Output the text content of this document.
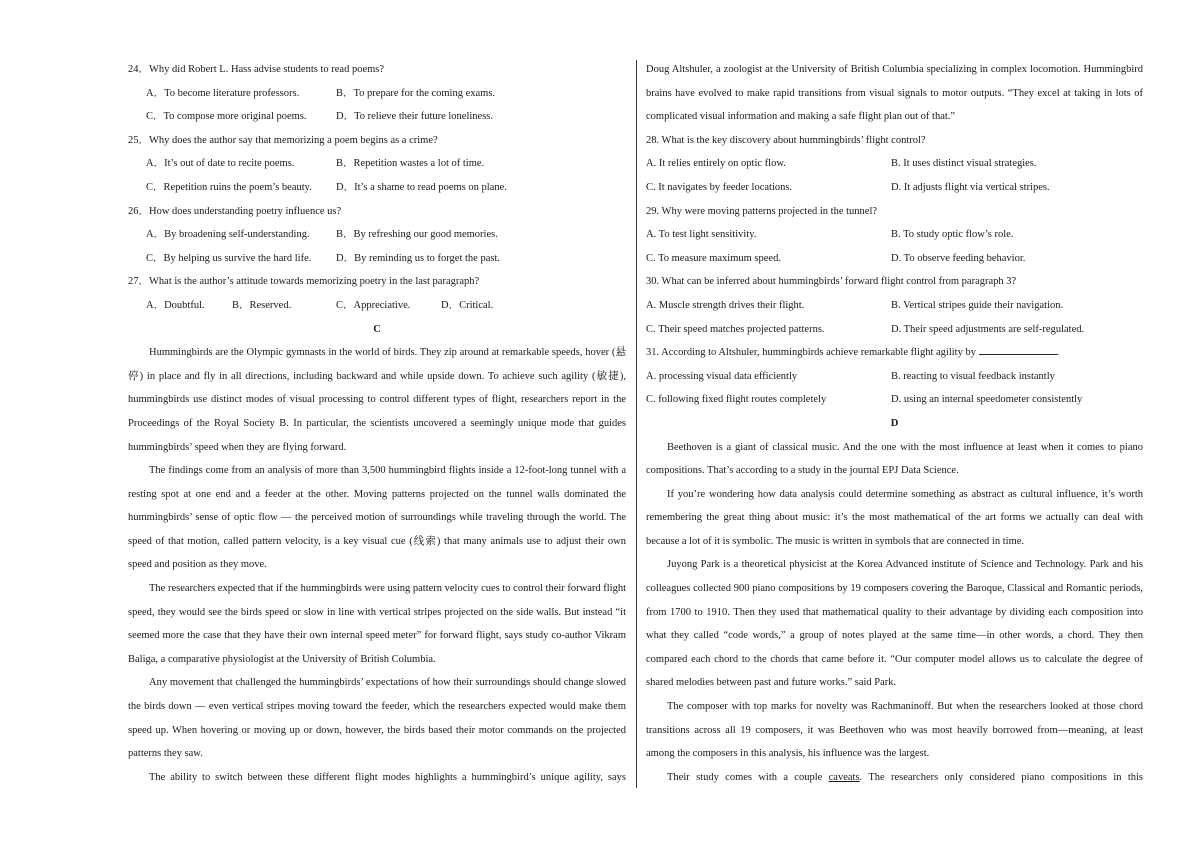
24．Why did Robert L. Hass advise students to read poems?
A．To become literature professors.	B．To prepare for the coming exams.
C．To compose more original poems.	D．To relieve their future loneliness.
25．Why does the author say that memorizing a poem begins as a crime?
A．It’s out of date to recite poems.	B．Repetition wastes a lot of time.
C．Repetition ruins the poem’s beauty. D．It’s a shame to read poems on plane.
26．How does understanding poetry influence us?
A．By broadening self-understanding.	B．By refreshing our good memories.
C．By helping us survive the hard life. D．By reminding us to forget the past.
27．What is the author’s attitude towards memorizing poetry in the last paragraph?
A．Doubtful.	B．Reserved.	C．Appreciative.	D．Critical.
C
Hummingbirds are the Olympic gymnasts in the world of birds. They zip around at remarkable speeds, hover (悬停) in place and fly in all directions, including backward and while upside down. To achieve such agility (敏捷), hummingbirds use distinct modes of visual processing to control different types of flight, researchers report in the Proceedings of the Royal Society B. In particular, the scientists uncovered a seemingly unique mode that guides hummingbirds’ speed when they are flying forward.
The findings come from an analysis of more than 3,500 hummingbird flights inside a 12-foot-long tunnel with a resting spot at one end and a feeder at the other. Moving patterns projected on the tunnel walls dominated the hummingbirds’ sense of optic flow — the perceived motion of surroundings while traveling through the world. The speed of that motion, called pattern velocity, is a key visual cue (线索) that many animals use to adjust their own speed and position as they move.
The researchers expected that if the hummingbirds were using pattern velocity cues to control their forward flight speed, they would see the birds speed or slow in line with vertical stripes projected on the side walls. But instead “it seemed more the case that they have their own internal speed meter” for forward flight, says study co-author Vikram Baliga, a comparative physiologist at the University of British Columbia.
Any movement that challenged the hummingbirds’ expectations of how their surroundings should change slowed the birds down — even vertical stripes moving toward the feeder, which the researchers expected would make them speed up. When hovering or moving up or down, however, the birds based their motor commands on the projected patterns they saw.
The ability to switch between these different flight modes highlights a hummingbird’s unique agility, says
Doug Altshuler, a zoologist at the University of British Columbia specializing in complex locomotion. Hummingbird brains have evolved to make rapid transitions from visual signals to motor outputs. “They excel at taking in lots of complicated visual information and making a safe flight plan out of that.”
28. What is the key discovery about hummingbirds’ flight control?
A. It relies entirely on optic flow.	B. It uses distinct visual strategies.
C. It navigates by feeder locations.	D. It adjusts flight via vertical stripes.
29. Why were moving patterns projected in the tunnel?
A. To test light sensitivity.	B. To study optic flow’s role.
C. To measure maximum speed.	D. To observe feeding behavior.
30. What can be inferred about hummingbirds’ forward flight control from paragraph 3?
A. Muscle strength drives their flight.	B. Vertical stripes guide their navigation.
C. Their speed matches projected patterns.	D. Their speed adjustments are self-regulated.
31. According to Altshuler, hummingbirds achieve remarkable flight agility by	.
A. processing visual data efficiently	B. reacting to visual feedback instantly
C. following fixed flight routes completely	D. using an internal speedometer consistently
D
Beethoven is a giant of classical music. And the one with the most influence at least when it comes to piano compositions. That’s according to a study in the journal EPJ Data Science.
If you’re wondering how data analysis could determine something as abstract as cultural influence, it’s worth remembering the great thing about music: it’s the most mathematical of the art forms we actually can deal with because a lot of it is symbolic. The music is written in symbols that are connected in time.
Juyong Park is a theoretical physicist at the Korea Advanced institute of Science and Technology. Park and his colleagues collected 900 piano compositions by 19 composers covering the Baroque, Classical and Romantic periods, from 1700 to 1910. Then they used that mathematical quality to their advantage by dividing each composition into what they called “code words,” a group of notes played at the same time—in other words, a chord. They then compared each chord to the chords that came before it. “Our computer model allows us to calculate the degree of shared melodies between past and future works.” said Park.
The composer with top marks for novelty was Rachmaninoff. But when the researchers looked at those chord transitions across all 19 composers, it was Beethoven who was most heavily borrowed from—meaning, at least among the composers in this analysis, his influence was the largest.
Their study comes with a couple caveats. The researchers only considered piano compositions in this
